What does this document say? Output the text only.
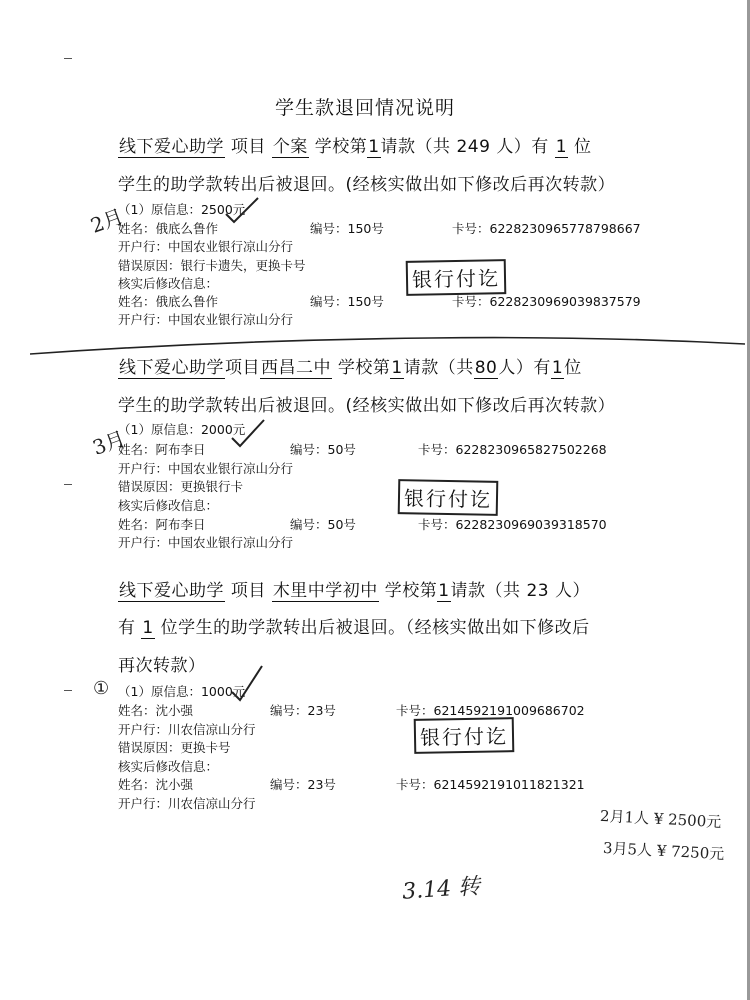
学生款退回情况说明
线下爱心助学 项目 个案 学校第1请款（共 249 人）有 1 位
学生的助学款转出后被退回。(经核实做出如下修改后再次转款）
2月
（1）原信息：2500元
姓名：俄底么鲁作	编号：150号	卡号：6228230965778798667
开户行：中国农业银行凉山分行
错误原因：银行卡遗失，更换卡号
核实后修改信息：	银行付讫
姓名：俄底么鲁作	编号：150号	卡号：6228230969039837579
开户行：中国农业银行凉山分行
线下爱心助学项目西昌二中 学校第1请款（共80人）有1位
学生的助学款转出后被退回。(经核实做出如下修改后再次转款）
3月
（1）原信息：2000元
姓名：阿布李日	编号：50号	卡号：6228230965827502268
开户行：中国农业银行凉山分行
错误原因：更换银行卡
核实后修改信息：	银行付讫
姓名：阿布李日	编号：50号	卡号：6228230969039318570
开户行：中国农业银行凉山分行
线下爱心助学 项目 木里中学初中 学校第1请款（共 23 人）
有 1 位学生的助学款转出后被退回。（经核实做出如下修改后
再次转款）
① （1）原信息：1000元
姓名：沈小强	编号：23号	卡号：6214592191009686702
开户行：川农信凉山分行
错误原因：更换卡号
核实后修改信息：
银行付讫
姓名：沈小强	编号：23号	卡号：6214592191011821321
开户行：川农信凉山分行
2月1人 ¥ 2500元
3月5人 ¥ 7250元
3.14 转
